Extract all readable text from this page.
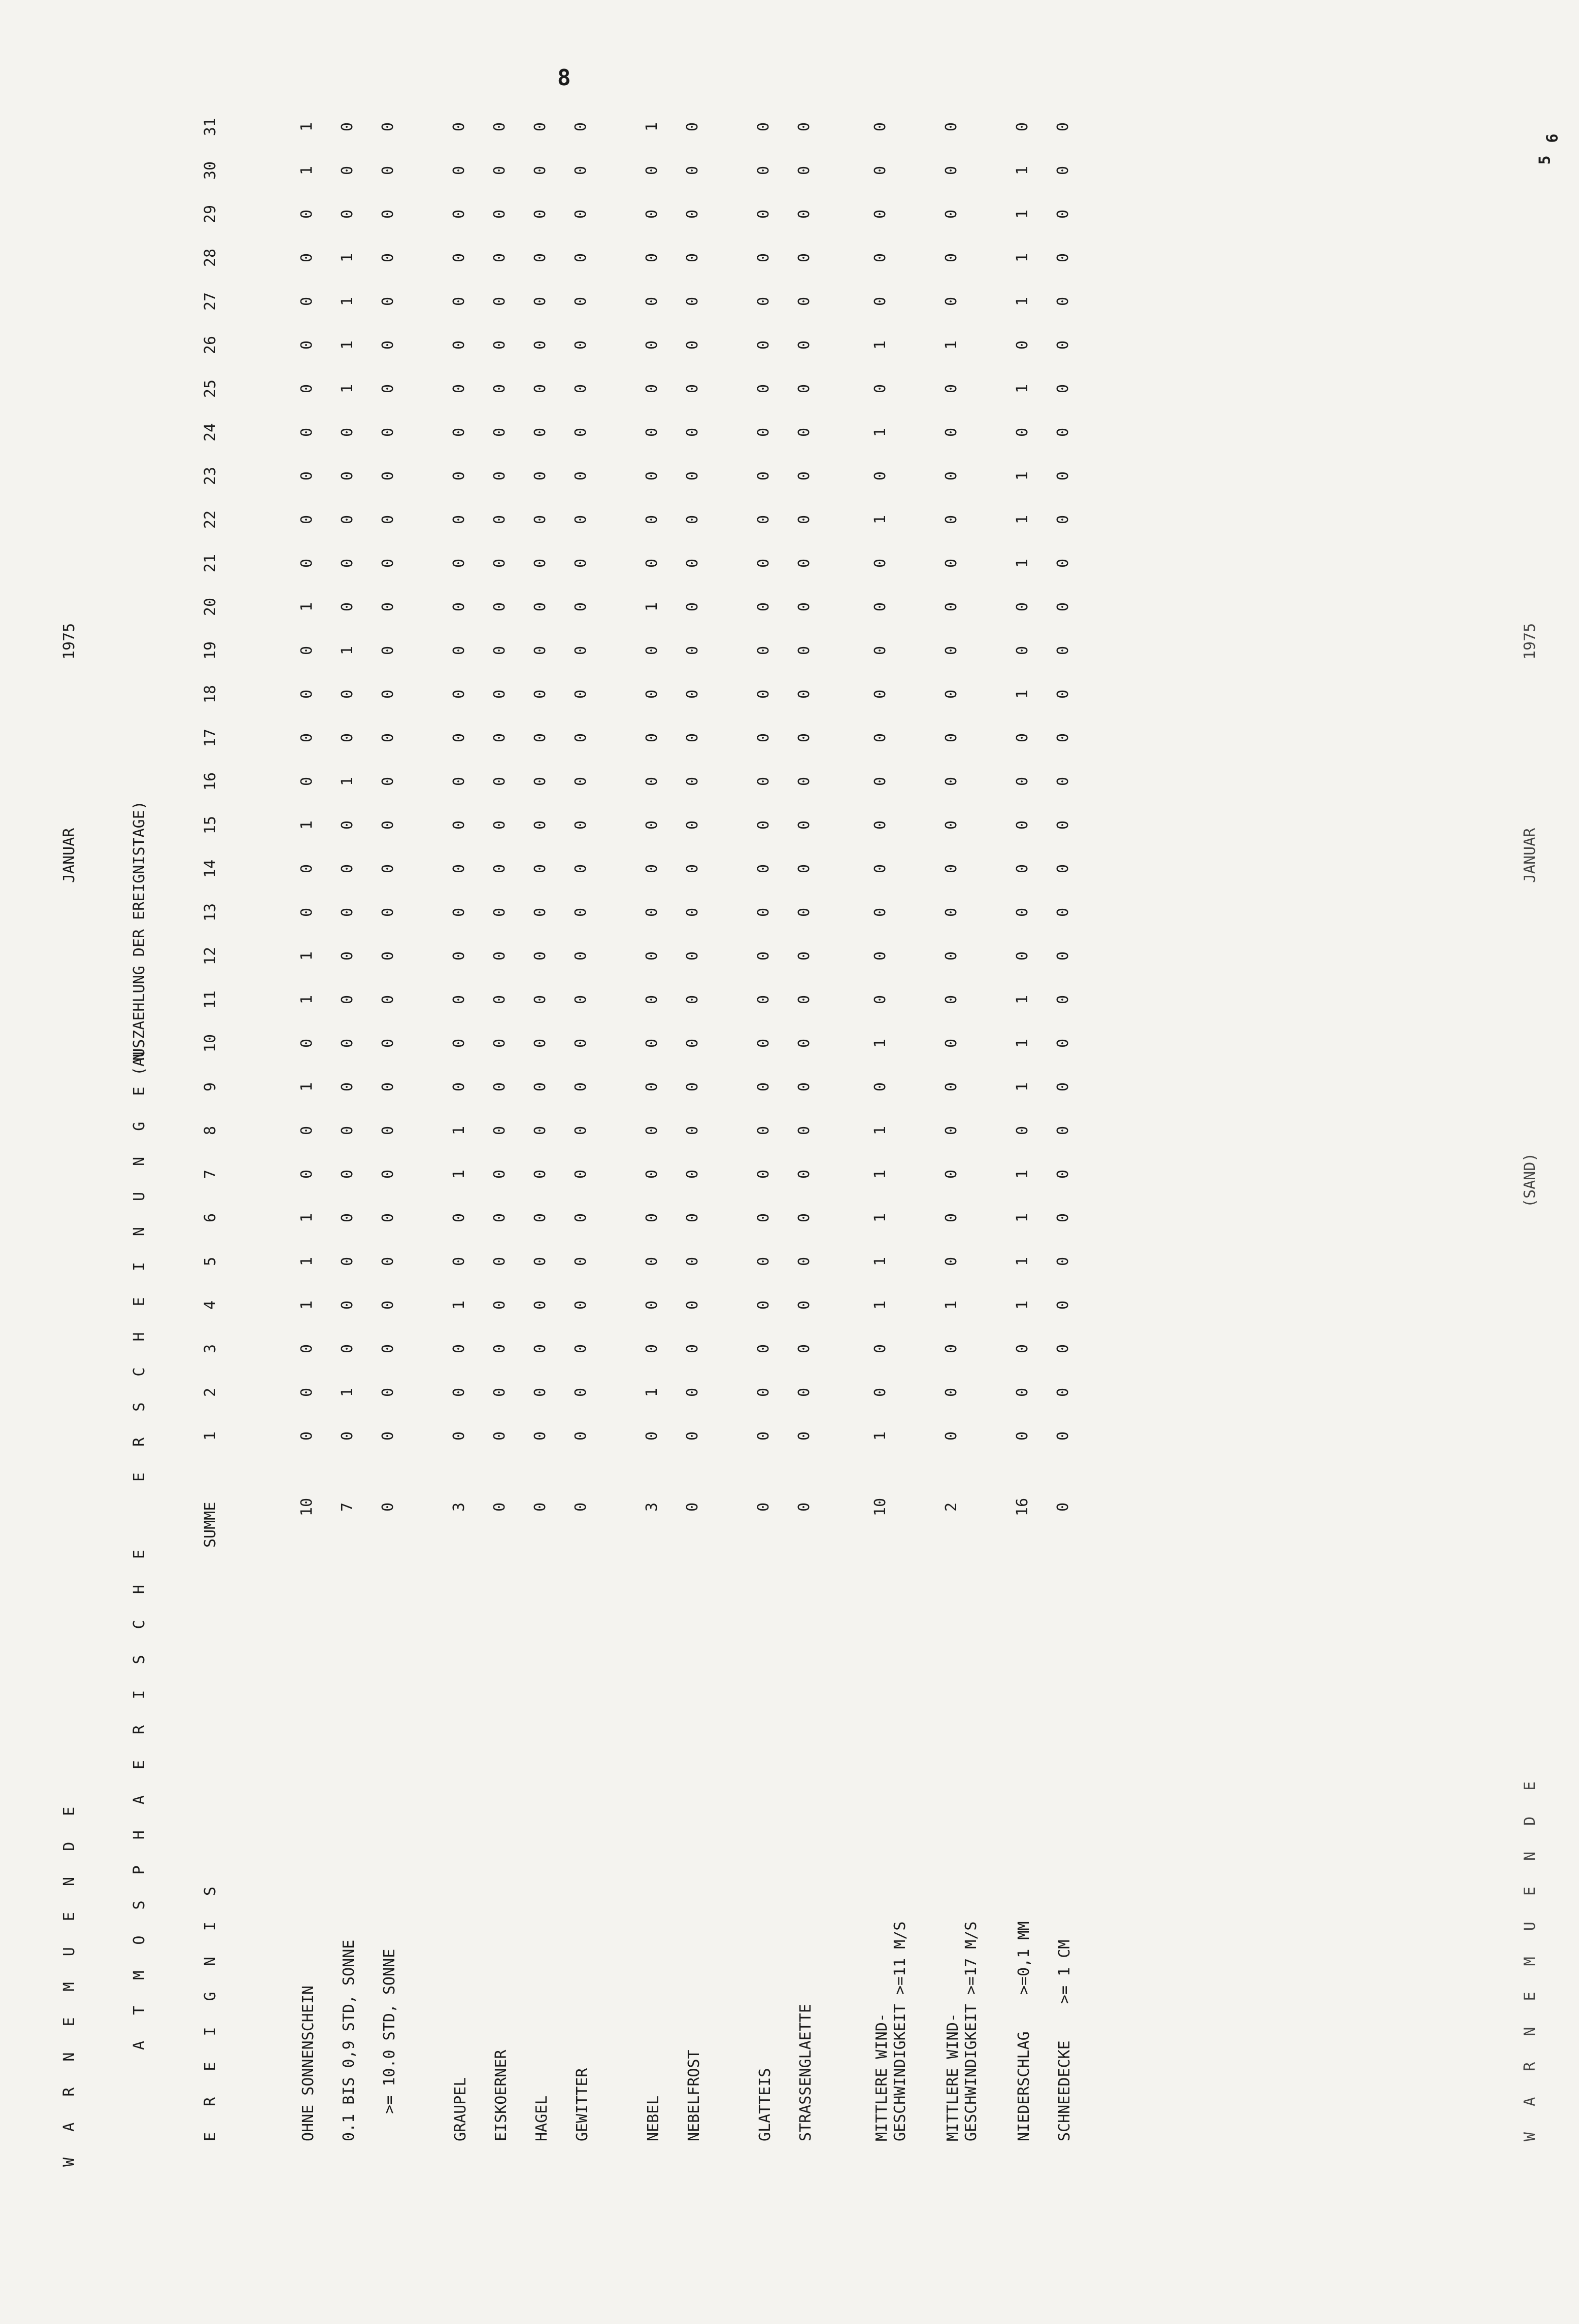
8
5
6
W A R N E M U E N D E
JANUAR
1975
A T M O S P H A E R I S C H E
E R S C H E I N U N G E N
(AUSZAEHLUNG DER EREIGNISTAGE)
E R E I G N I S
SUMME
1
2
3
4
5
6
7
8
9
10
11
12
13
14
15
16
17
18
19
20
21
22
23
24
25
26
27
28
29
30
31
OHNE SONNENSCHEIN
10
0
0
0
1
1
1
0
0
1
0
1
1
0
0
1
0
0
0
0
1
0
0
0
0
0
0
0
0
0
1
1
0.1 BIS 0,9 STD, SONNE
7
0
1
0
0
0
0
0
0
0
0
0
0
0
0
0
1
0
0
1
0
0
0
0
0
1
1
1
1
0
0
0
>= 10.0 STD, SONNE
0
0
0
0
0
0
0
0
0
0
0
0
0
0
0
0
0
0
0
0
0
0
0
0
0
0
0
0
0
0
0
0
GRAUPEL
3
0
0
0
1
0
0
1
1
0
0
0
0
0
0
0
0
0
0
0
0
0
0
0
0
0
0
0
0
0
0
0
EISKOERNER
0
0
0
0
0
0
0
0
0
0
0
0
0
0
0
0
0
0
0
0
0
0
0
0
0
0
0
0
0
0
0
0
HAGEL
0
0
0
0
0
0
0
0
0
0
0
0
0
0
0
0
0
0
0
0
0
0
0
0
0
0
0
0
0
0
0
0
GEWITTER
0
0
0
0
0
0
0
0
0
0
0
0
0
0
0
0
0
0
0
0
0
0
0
0
0
0
0
0
0
0
0
0
NEBEL
3
0
1
0
0
0
0
0
0
0
0
0
0
0
0
0
0
0
0
0
1
0
0
0
0
0
0
0
0
0
0
1
NEBELFROST
0
0
0
0
0
0
0
0
0
0
0
0
0
0
0
0
0
0
0
0
0
0
0
0
0
0
0
0
0
0
0
0
GLATTEIS
0
0
0
0
0
0
0
0
0
0
0
0
0
0
0
0
0
0
0
0
0
0
0
0
0
0
0
0
0
0
0
0
STRASSENGLAETTE
0
0
0
0
0
0
0
0
0
0
0
0
0
0
0
0
0
0
0
0
0
0
0
0
0
0
0
0
0
0
0
0
MITTLERE WIND-
GESCHWINDIGKEIT >=11 M/S
10
1
0
0
1
1
1
1
1
0
1
0
0
0
0
0
0
0
0
0
0
0
1
0
1
0
1
0
0
0
0
0
MITTLERE WIND-
GESCHWINDIGKEIT >=17 M/S
2
0
0
0
1
0
0
0
0
0
0
0
0
0
0
0
0
0
0
0
0
0
0
0
0
0
1
0
0
0
0
0
NIEDERSCHLAG    >=0,1 MM
16
0
0
0
1
1
1
1
0
1
1
1
0
0
0
0
0
0
1
0
0
1
1
1
0
1
0
1
1
1
1
0
SCHNEEDECKE    >= 1 CM
0
0
0
0
0
0
0
0
0
0
0
0
0
0
0
0
0
0
0
0
0
0
0
0
0
0
0
0
0
0
0
0
W A R N E M U E N D E
(SAND)
JANUAR
1975
